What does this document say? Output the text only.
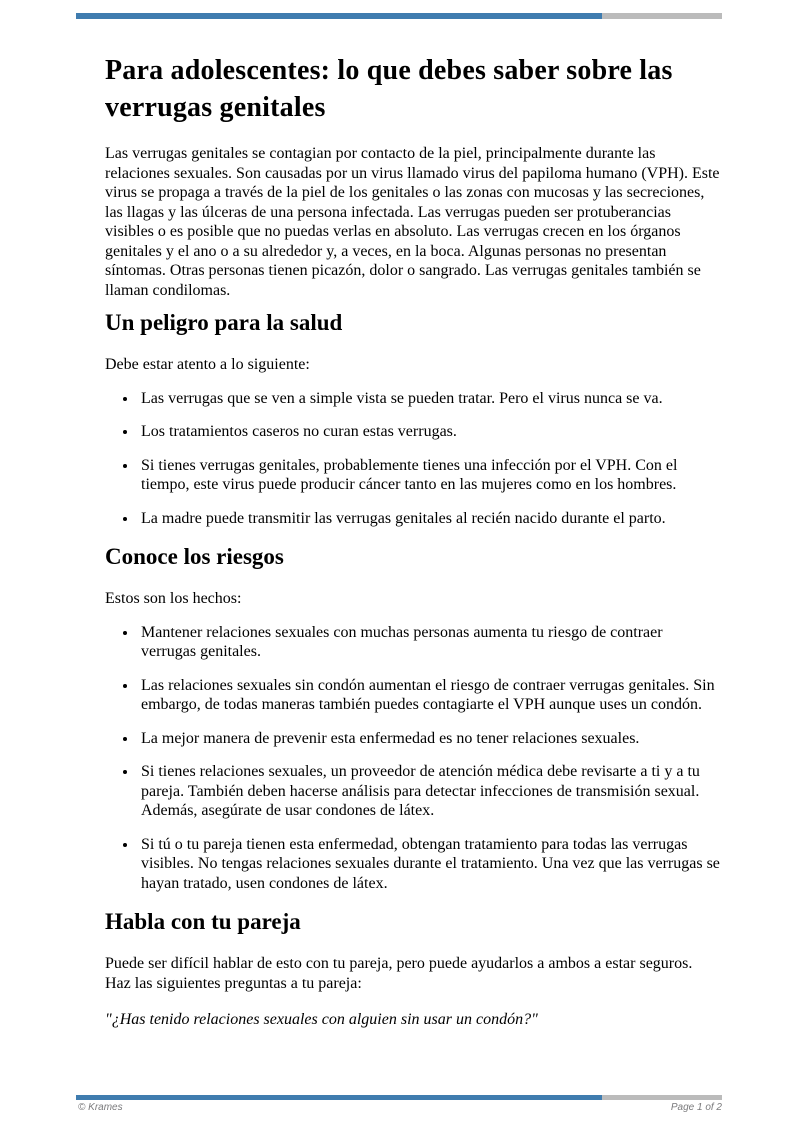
Para adolescentes: lo que debes saber sobre las verrugas genitales

Las verrugas genitales se contagian por contacto de la piel, principalmente durante las relaciones sexuales. Son causadas por un virus llamado virus del papiloma humano (VPH). Este virus se propaga a través de la piel de los genitales o las zonas con mucosas y las secreciones, las llagas y las úlceras de una persona infectada. Las verrugas pueden ser protuberancias visibles o es posible que no puedas verlas en absoluto. Las verrugas crecen en los órganos genitales y el ano o a su alrededor y, a veces, en la boca. Algunas personas no presentan síntomas. Otras personas tienen picazón, dolor o sangrado. Las verrugas genitales también se llaman condilomas.

Un peligro para la salud

Debe estar atento a lo siguiente:

• Las verrugas que se ven a simple vista se pueden tratar. Pero el virus nunca se va.
• Los tratamientos caseros no curan estas verrugas.
• Si tienes verrugas genitales, probablemente tienes una infección por el VPH. Con el tiempo, este virus puede producir cáncer tanto en las mujeres como en los hombres.
• La madre puede transmitir las verrugas genitales al recién nacido durante el parto.
Conoce los riesgos

Estos son los hechos:

• Mantener relaciones sexuales con muchas personas aumenta tu riesgo de contraer verrugas genitales.
• Las relaciones sexuales sin condón aumentan el riesgo de contraer verrugas genitales. Sin embargo, de todas maneras también puedes contagiarte el VPH aunque uses un condón.
• La mejor manera de prevenir esta enfermedad es no tener relaciones sexuales.
• Si tienes relaciones sexuales, un proveedor de atención médica debe revisarte a ti y a tu pareja. También deben hacerse análisis para detectar infecciones de transmisión sexual. Además, asegúrate de usar condones de látex.
• Si tú o tu pareja tienen esta enfermedad, obtengan tratamiento para todas las verrugas visibles. No tengas relaciones sexuales durante el tratamiento. Una vez que las verrugas se hayan tratado, usen condones de látex.
Habla con tu pareja

Puede ser difícil hablar de esto con tu pareja, pero puede ayudarlos a ambos a estar seguros. Haz las siguientes preguntas a tu pareja:

"¿Has tenido relaciones sexuales con alguien sin usar un condón?"

© Krames	Page 1 of 2
